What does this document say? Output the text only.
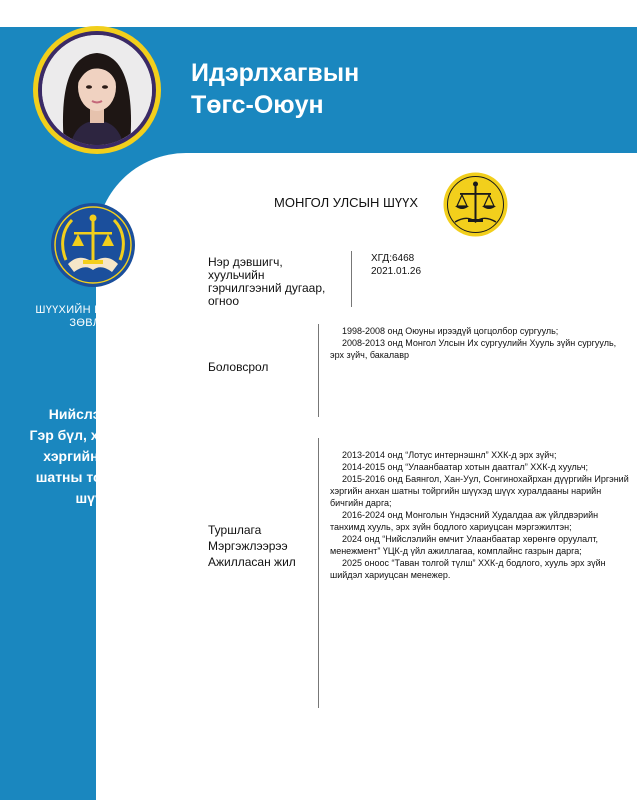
Идэрлхагвын
Төгс-Оюун
ШҮҮХИЙН ЕРӨНХИЙ
ЗӨВЛӨЛ
Нийслэл дэх
Гэр бүл, хүүхдийн
хэргийн анхан
шатны тойргийн
шүүх
МОНГОЛ УЛСЫН ШҮҮХ
Нэр дэвшигч,
хуульчийн
гэрчилгээний дугаар,
огноо
ХГД:6468
2021.01.26
Боловсрол

1998-2008 онд Оюуны ирээдүй цогцолбор сургууль;

2008-2013 онд Монгол Улсын Их сургуулийн Хууль зүйн сургууль, эрх зүйч, бакалавр

Туршлага
Мэргэжлээрээ
Ажилласан жил

2013-2014 онд “Лотус интернэшнл” ХХК-д эрх зүйч;

2014-2015 онд “Улаанбаатар хотын даатгал” ХХК-д хуульч;

2015-2016 онд Баянгол, Хан-Уул, Сонгинохайрхан дүүргийн Иргэний хэргийн анхан шатны тойргийн шүүхэд шүүх хуралдааны нарийн бичгийн дарга;

2016-2024 онд Монголын Үндэсний Худалдаа аж үйлдвэрийн танхимд хууль, эрх зүйн бодлого хариуцсан мэргэжилтэн;

2024 онд “Нийслэлийн өмчит Улаанбаатар хөрөнгө оруулалт, менежмент” ҮЦК-д үйл ажиллагаа, комплайнс газрын дарга;

2025 оноос “Таван толгой түлш” ХХК-д бодлого, хууль эрх зүйн шийдэл хариуцсан менежер.
